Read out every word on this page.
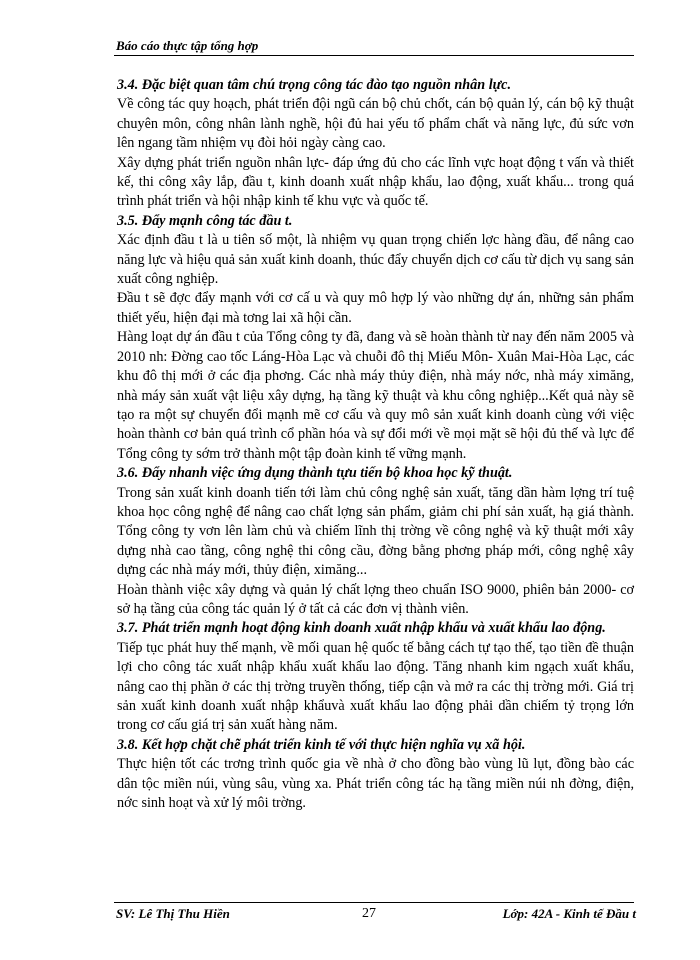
Báo cáo thực tập tổng hợp
3.4. Đặc biệt quan tâm chú trọng công tác đào tạo nguồn nhân lực.

Về công tác quy hoạch, phát triển đội ngũ cán bộ chủ chốt, cán bộ quản lý, cán bộ kỹ thuật chuyên môn, công nhân lành nghề, hội đủ hai yếu tố phẩm chất và năng lực, đủ sức vơn lên ngang tầm nhiệm vụ đòi hỏi ngày càng cao.

Xây dựng phát triển nguồn nhân lực- đáp ứng đủ cho các lĩnh vực hoạt động t vấn và thiết kế, thi công xây lắp, đầu t, kinh doanh xuất nhập khẩu, lao động, xuất khẩu... trong quá trình phát triển và hội nhập kinh tế khu vực và quốc tế.

3.5. Đẩy mạnh công tác đầu t.

Xác định đầu t là u tiên số một, là nhiệm vụ quan trọng chiến lợc hàng đầu, để nâng cao năng lực và hiệu quả sản xuất kinh doanh, thúc đẩy chuyển dịch cơ cấu từ dịch vụ sang sản xuất công nghiệp.

Đầu t sẽ đợc đẩy mạnh với cơ cấ u và quy mô hợp lý vào những dự án, những sản phẩm thiết yếu, hiện đại mà tơng lai xã hội cần.

Hàng loạt dự án đầu t của Tổng công ty đã, đang và sẽ hoàn thành từ nay đến năm 2005 và 2010 nh: Đờng cao tốc Láng-Hòa Lạc và chuỗi đô thị Miếu Môn- Xuân Mai-Hòa Lạc, các khu đô thị mới ở các địa phơng. Các nhà máy thủy điện, nhà máy nớc, nhà máy ximăng, nhà máy sản xuất vật liệu xây dựng, hạ tầng kỹ thuật và khu công nghiệp...Kết quả này sẽ tạo ra một sự chuyển đổi mạnh mẽ cơ cấu và quy mô sản xuất kinh doanh cùng với việc hoàn thành cơ bản quá trình cổ phần hóa và sự đổi mới về mọi mặt sẽ hội đủ thế và lực để Tổng công ty sớm trở thành một tập đoàn kinh tế vững mạnh.

3.6. Đẩy nhanh việc ứng dụng thành tựu tiến bộ khoa học kỹ thuật.

Trong sản xuất kinh doanh tiến tới làm chủ công nghệ sản xuất, tăng dần hàm lợng trí tuệ khoa học công nghệ để nâng cao chất lợng sản phẩm, giảm chi phí sản xuất, hạ giá thành. Tổng công ty vơn lên làm chủ và chiếm lĩnh thị trờng về công nghệ và kỹ thuật mới xây dựng nhà cao tầng, công nghệ thi công cầu, đờng bằng phơng pháp mới, công nghệ xây dựng các nhà máy mới, thủy điện, ximăng...

Hoàn thành việc xây dựng và quản lý chất lợng theo chuẩn ISO 9000, phiên bản 2000- cơ sở hạ tầng của công tác quản lý ở tất cả các đơn vị thành viên.

3.7. Phát triển mạnh hoạt động kinh doanh xuất nhập khẩu và xuất khẩu lao động.

Tiếp tục phát huy thế mạnh, về mối quan hệ quốc tế bằng cách tự tạo thế, tạo tiền đề thuận lợi cho công tác xuất nhập khẩu xuất khẩu lao động. Tăng nhanh kim ngạch xuất khẩu, nâng cao thị phần ở các thị trờng truyền thống, tiếp cận và mở ra các thị trờng mới. Giá trị sản xuất kinh doanh xuất nhập khẩuvà xuất khẩu lao động phải dần chiếm tỷ trọng lớn trong cơ cấu giá trị sản xuất hàng năm.

3.8. Kết hợp chặt chẽ phát triển kinh tế với thực hiện nghĩa vụ xã hội.

Thực hiện tốt các trơng trình quốc gia về nhà ở cho đồng bào vùng lũ lụt, đồng bào các dân tộc miền núi, vùng sâu, vùng xa. Phát triển công tác hạ tầng miền núi nh đờng, điện, nớc sinh hoạt và xử lý môi trờng.

SV: Lê Thị Thu Hiền	27	Lớp: 42A - Kinh tế Đầu t
